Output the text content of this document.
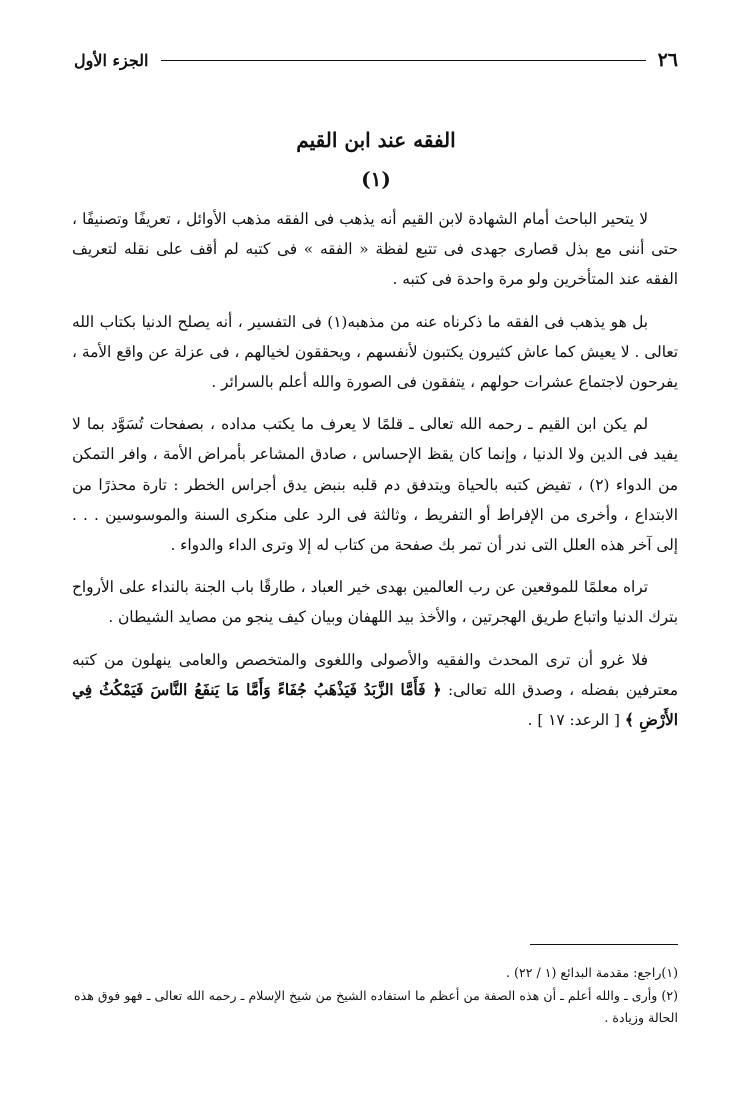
٢٦
الجزء الأول
الفقه عند ابن القيم
(١)

لا يتحير الباحث أمام الشهادة لابن القيم أنه يذهب فى الفقه مذهب الأوائل ، تعريفًا وتصنيفًا ، حتى أننى مع بذل قصارى جهدى فى تتبع لفظة « الفقه » فى كتبه لم أقف على نقله لتعريف الفقه عند المتأخرين ولو مرة واحدة فى كتبه .

بل هو يذهب فى الفقه ما ذكرناه عنه من مذهبه(١) فى التفسير ، أنه يصلح الدنيا بكتاب الله تعالى . لا يعيش كما عاش كثيرون يكتبون لأنفسهم ، ويحققون لخيالهم ، فى عزلة عن واقع الأمة ، يفرحون لاجتماع عشرات حولهم ، يتفقون فى الصورة والله أعلم بالسرائر .

لم يكن ابن القيم ـ رحمه الله تعالى ـ قلمًا لا يعرف ما يكتب مداده ، بصفحات تُسَوَّد بما لا يفيد فى الدين ولا الدنيا ، وإنما كان يقظ الإحساس ، صادق المشاعر بأمراض الأمة ، وافر التمكن من الدواء (٢) ، تفيض كتبه بالحياة ويتدفق دم قلبه بنبض يدق أجراس الخطر : تارة محذرًا من الابتداع ، وأخرى من الإفراط أو التفريط ، وثالثة فى الرد على منكرى السنة والموسوسين . . . إلى آخر هذه العلل التى ندر أن تمر بك صفحة من كتاب له إلا وترى الداء والدواء .

تراه معلمًا للموقعين عن رب العالمين بهدى خير العباد ، طارقًا باب الجنة بالنداء على الأرواح بترك الدنيا واتباع طريق الهجرتين ، والأخذ بيد اللهفان وبيان كيف ينجو من مصايد الشيطان .

فلا غرو أن ترى المحدث والفقيه والأصولى واللغوى والمتخصص والعامى ينهلون من كتبه معترفين بفضله ، وصدق الله تعالى: ﴿ فَأَمَّا الزَّبَدُ فَيَذْهَبُ جُفَاءً وَأَمَّا مَا يَنفَعُ النَّاسَ فَيَمْكُثُ فِي الأَرْضِ ﴾ [ الرعد: ١٧ ] .

(١)راجع: مقدمة البدائع (١ / ٢٢) .

(٢) وأرى ـ والله أعلم ـ أن هذه الصفة من أعظم ما استفاده الشيخ من شيخ الإسلام ـ رحمه الله تعالى ـ فهو فوق هذه الحالة وزيادة .
